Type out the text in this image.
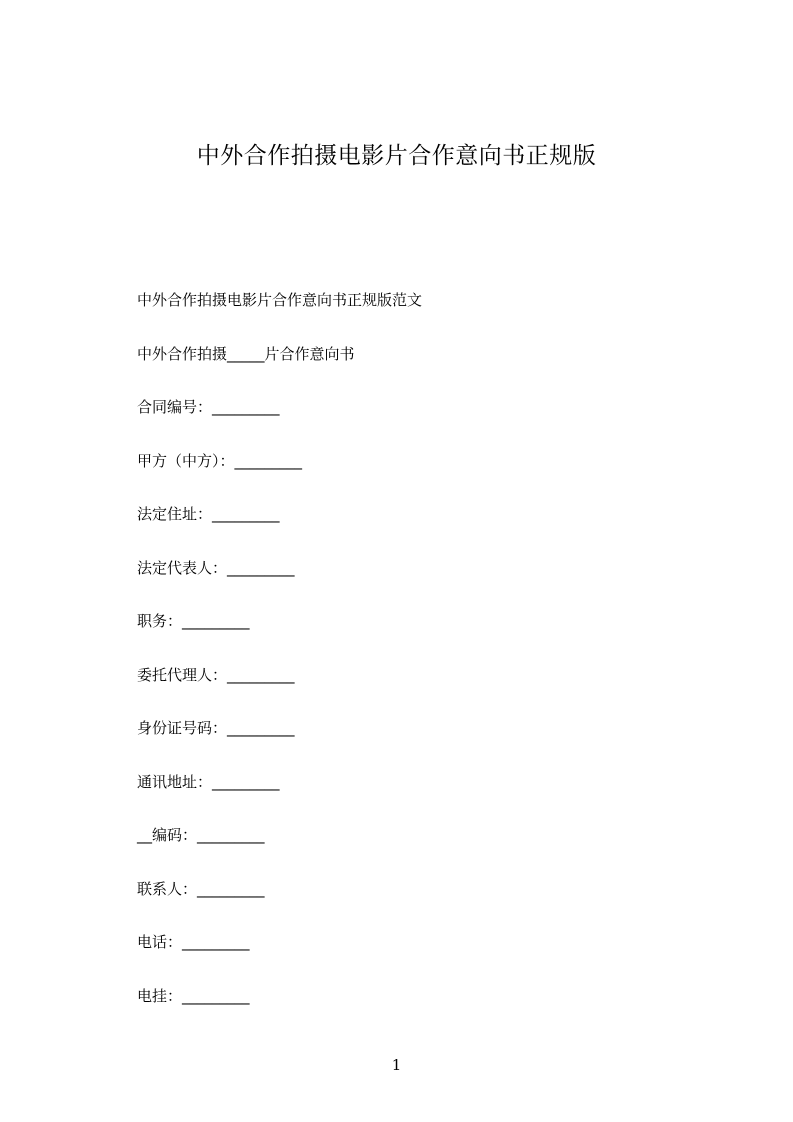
中外合作拍摄电影片合作意向书正规版
中外合作拍摄电影片合作意向书正规版范文
中外合作拍摄_____片合作意向书
合同编号：_________
甲方（中方）：_________
法定住址：_________
法定代表人：_________
职务：_________
委托代理人：_________
身份证号码：_________
通讯地址：_________
__编码：_________
联系人：_________
电话：_________
电挂：_________
1
